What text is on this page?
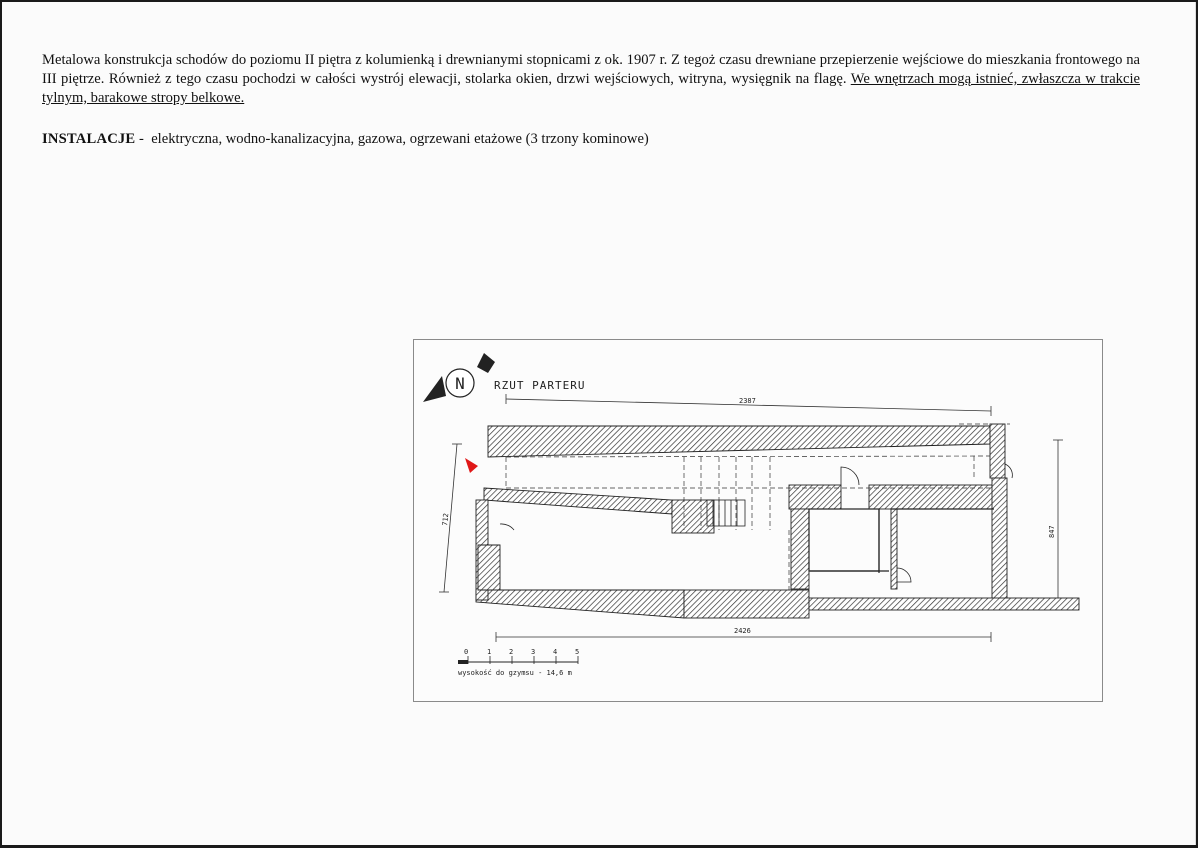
Metalowa konstrukcja schodów do poziomu II piętra z kolumienką i drewnianymi stopnicami z ok. 1907 r. Z tegoż czasu drewniane przepierzenie wejściowe do mieszkania frontowego na III piętrze. Również z tego czasu pochodzi w całości wystrój elewacji, stolarka okien, drzwi wejściowych, witryna, wysięgnik na flagę. We wnętrzach mogą istnieć, zwłaszcza w trakcie tylnym, barakowe stropy belkowe.

INSTALACJE - elektryczna, wodno-kanalizacyjna, gazowa, ogrzewani etażowe (3 trzony kominowe)

N	RZUT PARTERU
2387
712
847
2426
0	1	2	3	4	5
wysokość do gzymsu - 14,6 m
